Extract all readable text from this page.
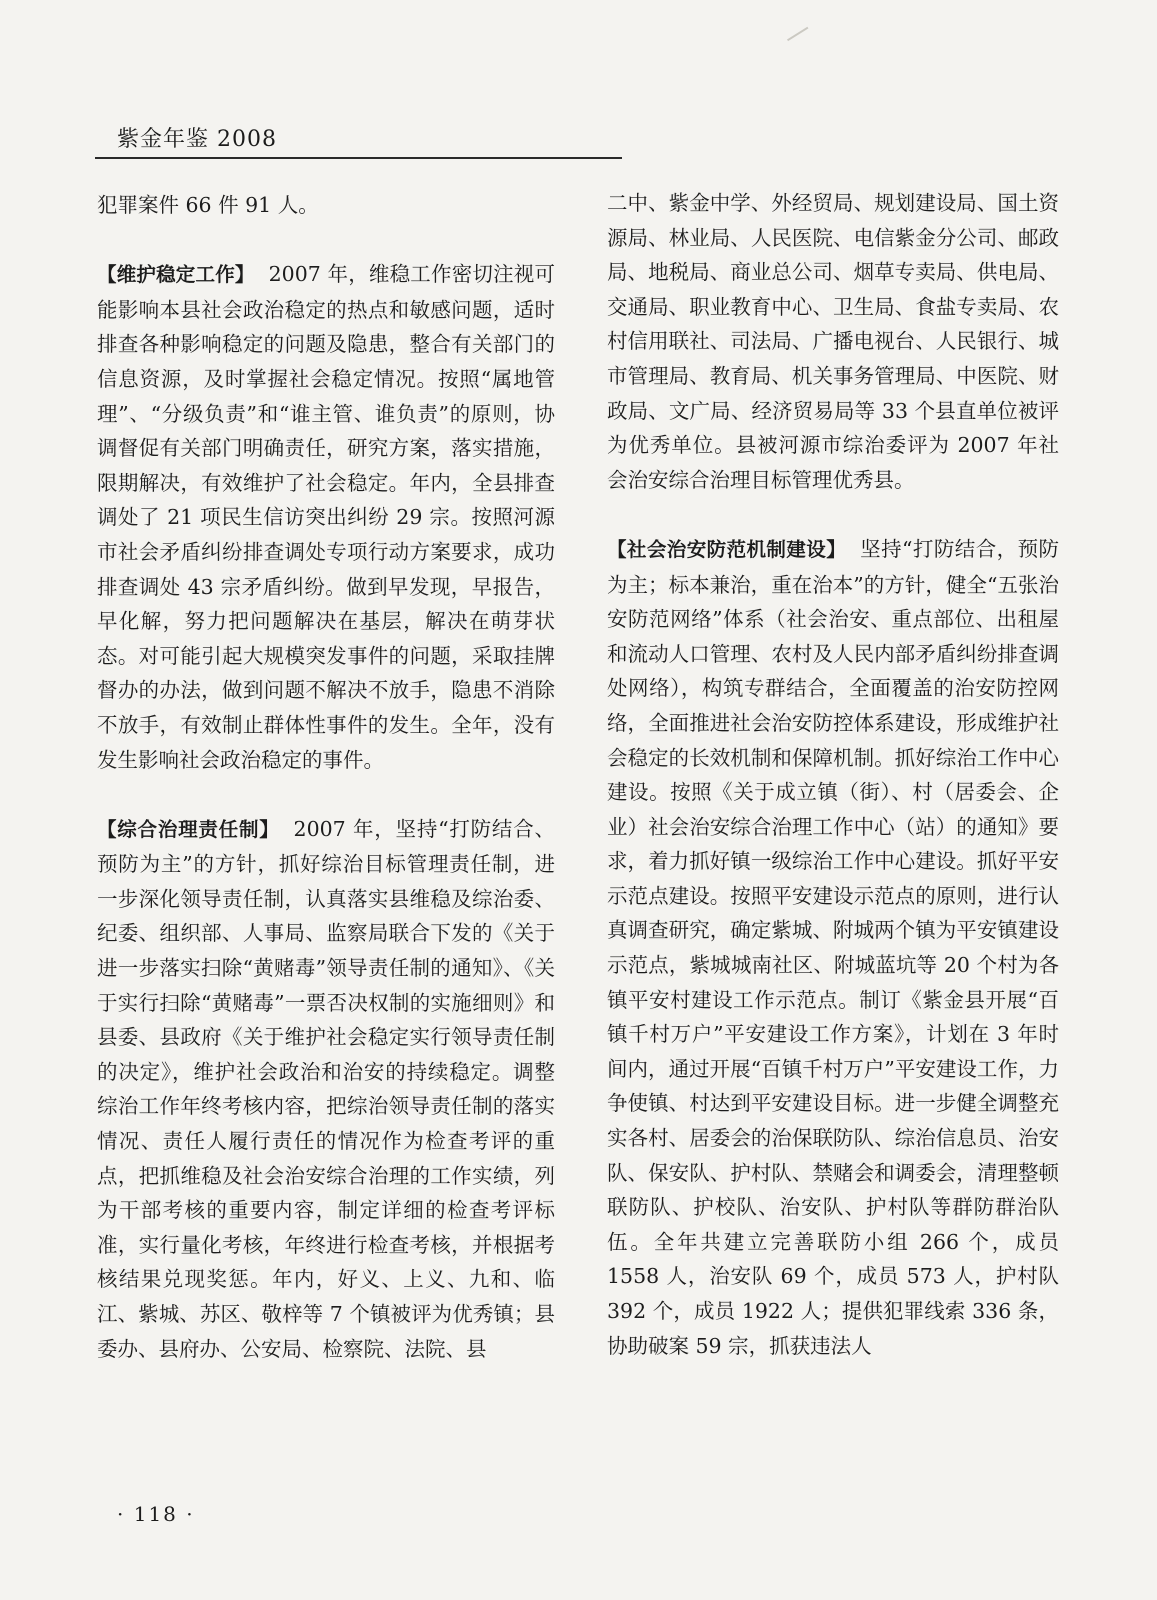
紫金年鉴 2008

犯罪案件 66 件 91 人。

【维护稳定工作】 2007 年，维稳工作密切注视可能影响本县社会政治稳定的热点和敏感问题，适时排查各种影响稳定的问题及隐患，整合有关部门的信息资源，及时掌握社会稳定情况。按照“属地管理”、“分级负责”和“谁主管、谁负责”的原则，协调督促有关部门明确责任，研究方案，落实措施，限期解决，有效维护了社会稳定。年内，全县排查调处了 21 项民生信访突出纠纷 29 宗。按照河源市社会矛盾纠纷排查调处专项行动方案要求，成功排查调处 43 宗矛盾纠纷。做到早发现，早报告，早化解，努力把问题解决在基层，解决在萌芽状态。对可能引起大规模突发事件的问题，采取挂牌督办的办法，做到问题不解决不放手，隐患不消除不放手，有效制止群体性事件的发生。全年，没有发生影响社会政治稳定的事件。

【综合治理责任制】 2007 年，坚持“打防结合、预防为主”的方针，抓好综治目标管理责任制，进一步深化领导责任制，认真落实县维稳及综治委、纪委、组织部、人事局、监察局联合下发的《关于进一步落实扫除“黄赌毒”领导责任制的通知》、《关于实行扫除“黄赌毒”一票否决权制的实施细则》和县委、县政府《关于维护社会稳定实行领导责任制的决定》，维护社会政治和治安的持续稳定。调整综治工作年终考核内容，把综治领导责任制的落实情况、责任人履行责任的情况作为检查考评的重点，把抓维稳及社会治安综合治理的工作实绩，列为干部考核的重要内容，制定详细的检查考评标准，实行量化考核，年终进行检查考核，并根据考核结果兑现奖惩。年内，好义、上义、九和、临江、紫城、苏区、敬梓等 7 个镇被评为优秀镇；县委办、县府办、公安局、检察院、法院、县

二中、紫金中学、外经贸局、规划建设局、国土资源局、林业局、人民医院、电信紫金分公司、邮政局、地税局、商业总公司、烟草专卖局、供电局、交通局、职业教育中心、卫生局、食盐专卖局、农村信用联社、司法局、广播电视台、人民银行、城市管理局、教育局、机关事务管理局、中医院、财政局、文广局、经济贸易局等 33 个县直单位被评为优秀单位。县被河源市综治委评为 2007 年社会治安综合治理目标管理优秀县。

【社会治安防范机制建设】 坚持“打防结合，预防为主；标本兼治，重在治本”的方针，健全“五张治安防范网络”体系（社会治安、重点部位、出租屋和流动人口管理、农村及人民内部矛盾纠纷排查调处网络），构筑专群结合，全面覆盖的治安防控网络，全面推进社会治安防控体系建设，形成维护社会稳定的长效机制和保障机制。抓好综治工作中心建设。按照《关于成立镇（街）、村（居委会、企业）社会治安综合治理工作中心（站）的通知》要求，着力抓好镇一级综治工作中心建设。抓好平安示范点建设。按照平安建设示范点的原则，进行认真调查研究，确定紫城、附城两个镇为平安镇建设示范点，紫城城南社区、附城蓝坑等 20 个村为各镇平安村建设工作示范点。制订《紫金县开展“百镇千村万户”平安建设工作方案》，计划在 3 年时间内，通过开展“百镇千村万户”平安建设工作，力争使镇、村达到平安建设目标。进一步健全调整充实各村、居委会的治保联防队、综治信息员、治安队、保安队、护村队、禁赌会和调委会，清理整顿联防队、护校队、治安队、护村队等群防群治队伍。全年共建立完善联防小组 266 个，成员 1558 人，治安队 69 个，成员 573 人，护村队 392 个，成员 1922 人；提供犯罪线索 336 条，协助破案 59 宗，抓获违法人

· 118 ·
